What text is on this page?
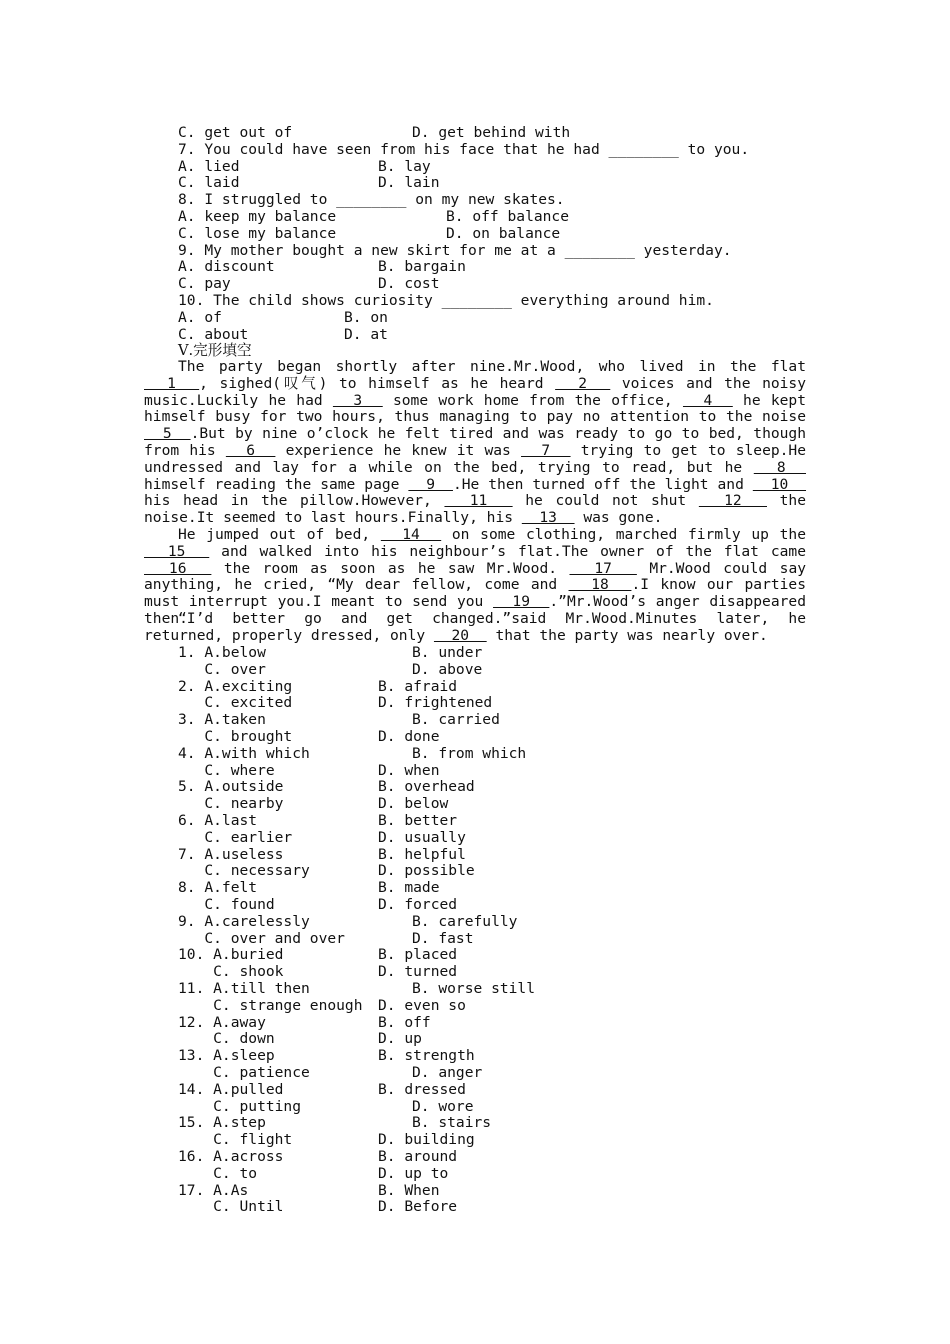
C. get out of	D. get behind with
7. You could have seen from his face that he had ________ to you.
A. lied	B. lay
C. laid	D. lain
8. I struggled to ________ on my new skates.
A. keep my balance	B. off balance
C. lose my balance	D. on balance
9. My mother bought a new skirt for me at a ________ yesterday.
A. discount	B. bargain
C. pay	D. cost
10. The child shows curiosity ________ everything around him.
A. of	B. on
C. about	D. at
Ⅴ.完形填空
The party began shortly after nine.Mr.Wood, who lived in the flat   1  , sighed(叹气) to himself as he heard   2   voices and the noisy music.Luckily he had   3   some work home from the office,   4   he kept himself busy for two hours, thus managing to pay no attention to the noise   5  .But by nine o’clock he felt tired and was ready to go to bed, though from his   6   experience he knew it was   7   trying to get to sleep.He undressed and lay for a while on the bed, trying to read, but he   8   himself reading the same page   9  .He then turned off the light and   10   his head in the pillow.However,   11   he could not shut   12   the noise.It seemed to last hours.Finally, his   13   was gone.
He jumped out of bed,   14   on some clothing, marched firmly up the   15   and walked into his neighbour’s flat.The owner of the flat came   16   the room as soon as he saw Mr.Wood.   17   Mr.Wood could say anything, he cried, “My dear fellow, come and   18  .I know our parties must interrupt you.I meant to send you   19  .”Mr.Wood’s anger disappeared then.
“I’d better go and get changed.”said Mr.Wood.Minutes later, he returned, properly dressed, only   20   that the party was nearly over.
1. A.below	B. under
C. over	D. above
2. A.exciting	B. afraid
C. excited	D. frightened
3. A.taken	B. carried
C. brought	D. done
4. A.with which	B. from which
C. where	D. when
5. A.outside	B. overhead
C. nearby	D. below
6. A.last	B. better
C. earlier	D. usually
7. A.useless	B. helpful
C. necessary	D. possible
8. A.felt	B. made
C. found	D. forced
9. A.carelessly	B. carefully
C. over and over	D. fast
10. A.buried	B. placed
C. shook	D. turned
11. A.till then	B. worse still
C. strange enough D. even so
12. A.away	B. off
C. down	D. up
13. A.sleep	B. strength
C. patience	D. anger
14. A.pulled	B. dressed
C. putting	D. wore
15. A.step	B. stairs
C. flight	D. building
16. A.across	B. around
C. to	D. up to
17. A.As	B. When
C. Until	D. Before
